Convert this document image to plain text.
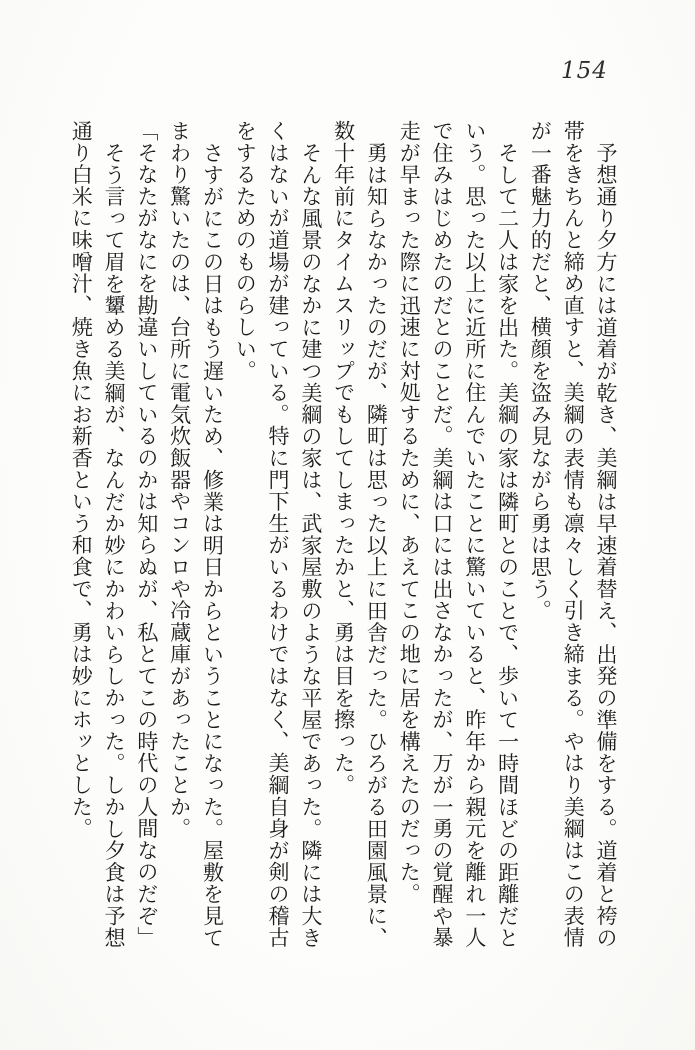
154

予想通り夕方には道着が乾き、美綱は早速着替え、出発の準備をする。道着と袴の帯をきちんと締め直すと、美綱の表情も凛々しく引き締まる。やはり美綱はこの表情が一番魅力的だと、横顔を盗み見ながら勇は思う。

そして二人は家を出た。美綱の家は隣町とのことで、歩いて一時間ほどの距離だという。思った以上に近所に住んでいたことに驚いていると、昨年から親元を離れ一人で住みはじめたのだとのことだ。美綱は口には出さなかったが、万が一勇の覚醒や暴走が早まった際に迅速に対処するために、あえてこの地に居を構えたのだった。

勇は知らなかったのだが、隣町は思った以上に田舎だった。ひろがる田園風景に、数十年前にタイムスリップでもしてしまったかと、勇は目を擦った。

そんな風景のなかに建つ美綱の家は、武家屋敷のような平屋であった。隣には大きくはないが道場が建っている。特に門下生がいるわけではなく、美綱自身が剣の稽古をするためのものらしい。

さすがにこの日はもう遅いため、修業は明日からということになった。屋敷を見てまわり驚いたのは、台所に電気炊飯器やコンロや冷蔵庫があったことか。

「そなたがなにを勘違いしているのかは知らぬが、私とてこの時代の人間なのだぞ」

そう言って眉を顰める美綱が、なんだか妙にかわいらしかった。しかし夕食は予想通り白米に味噌汁、焼き魚にお新香という和食で、勇は妙にホッとした。
